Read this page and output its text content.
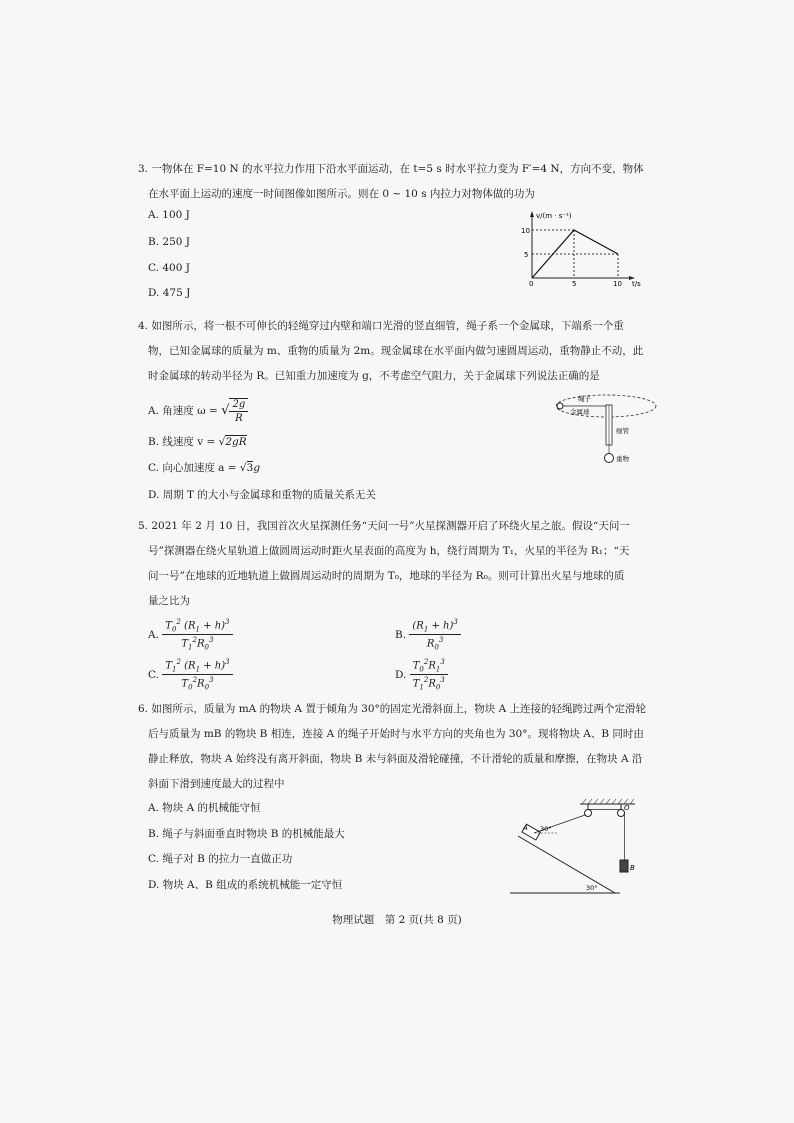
3. 一物体在 F=10 N 的水平拉力作用下沿水平面运动，在 t=5 s 时水平拉力变为 F′=4 N，方向不变，物体
在水平面上运动的速度一时间图像如图所示。则在 0 ~ 10 s 内拉力对物体做的功为
A. 100 J
B. 250 J
C. 400 J
D. 475 J
v/(m · s⁻¹)
t/s
10
5
0	5	10
4. 如图所示，将一根不可伸长的轻绳穿过内壁和端口光滑的竖直细管，绳子系一个金属球，下端系一个重
物，已知金属球的质量为 m、重物的质量为 2m。现金属球在水平面内做匀速圆周运动，重物静止不动，此
时金属球的转动半径为 R。已知重力加速度为 g，不考虑空气阻力，关于金属球下列说法正确的是
A. 角速度 ω = √ $\frac{2g}{R}$
B. 线速度 v = √2gR
C. 向心加速度 a = √3g
D. 周期 T 的大小与金属球和重物的质量关系无关
绳子
金属球
细管
重物
5. 2021 年 2 月 10 日，我国首次火星探测任务“天问一号”火星探测器开启了环绕火星之旅。假设“天问一
号”探测器在绕火星轨道上做圆周运动时距火星表面的高度为 h，绕行周期为 T₁，火星的半径为 R₁；“天
问一号”在地球的近地轨道上做圆周运动时的周期为 T₀，地球的半径为 R₀。则可计算出火星与地球的质
量之比为
A. $\frac{T_0^2 (R_1 + h)^3}{T_1^2R_0^3}$	B. $\frac{(R_1 + h)^3}{R_0^3}$
C. $\frac{T_1^2 (R_1 + h)^3}{T_0^2R_0^3}$	D. $\frac{T_0^2R_1^3}{T_1^2R_0^3}$
6. 如图所示，质量为 mA 的物块 A 置于倾角为 30°的固定光滑斜面上，物块 A 上连接的轻绳跨过两个定滑轮
后与质量为 mB 的物块 B 相连，连接 A 的绳子开始时与水平方向的夹角也为 30°。现将物块 A、B 同时由
静止释放，物块 A 始终没有离开斜面，物块 B 未与斜面及滑轮碰撞，不计滑轮的质量和摩擦，在物块 A 沿
斜面下滑到速度最大的过程中
A. 物块 A 的机械能守恒
B. 绳子与斜面垂直时物块 B 的机械能最大
C. 绳子对 B 的拉力一直做正功
D. 物块 A、B 组成的系统机械能一定守恒
30°
30°
A
B
O
物理试题　第 2 页(共 8 页)
